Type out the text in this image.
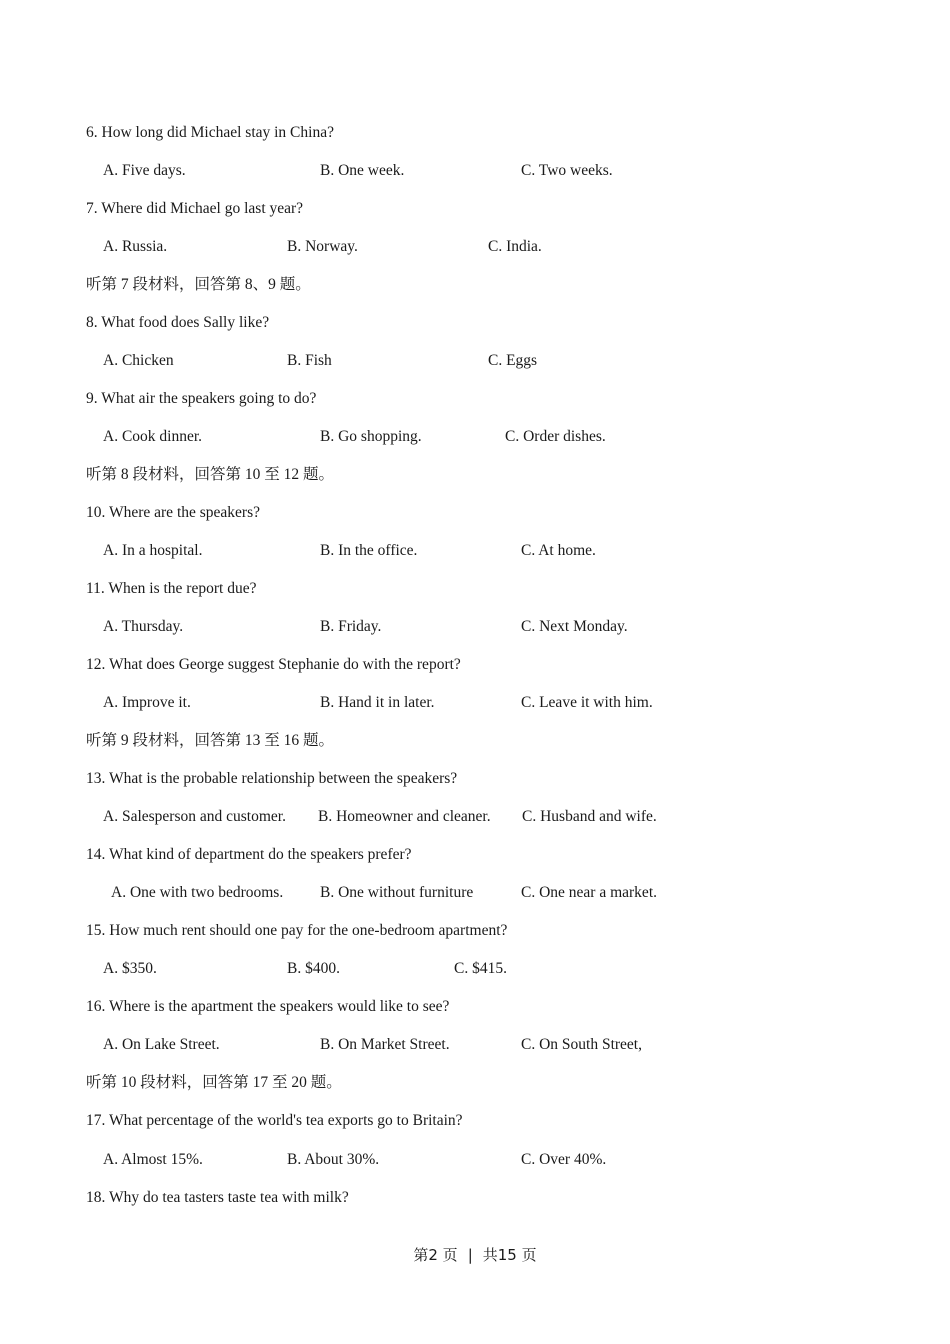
6. How long did Michael stay in China?
A. Five days.	B. One week.	C. Two weeks.
7. Where did Michael go last year?
A. Russia.	B. Norway.	C. India.
听第 7 段材料，回答第 8、9 题。
8. What food does Sally like?
A. Chicken	B. Fish	C. Eggs
9. What air the speakers going to do?
A. Cook dinner.	B. Go shopping.	C. Order dishes.
听第 8 段材料，回答第 10 至 12 题。
10. Where are the speakers?
A. In a hospital.	B. In the office.	C. At home.
11. When is the report due?
A. Thursday.	B. Friday.	C. Next Monday.
12. What does George suggest Stephanie do with the report?
A. Improve it.	B. Hand it in later.	C. Leave it with him.
听第 9 段材料，回答第 13 至 16 题。
13. What is the probable relationship between the speakers?
A. Salesperson and customer. B. Homeowner and cleaner. C. Husband and wife.
14. What kind of department do the speakers prefer?
A. One with two bedrooms. B. One without furniture	C. One near a market.
15. How much rent should one pay for the one-bedroom apartment?
A. $350.	B. $400.	C. $415.
16. Where is the apartment the speakers would like to see?
A. On Lake Street.	B. On Market Street.	C. On South Street,
听第 10 段材料，回答第 17 至 20 题。
17. What percentage of the world's tea exports go to Britain?
A. Almost 15%.	B. About 30%.	C. Over 40%.
18. Why do tea tasters taste tea with milk?
第2 页 | 共15 页
